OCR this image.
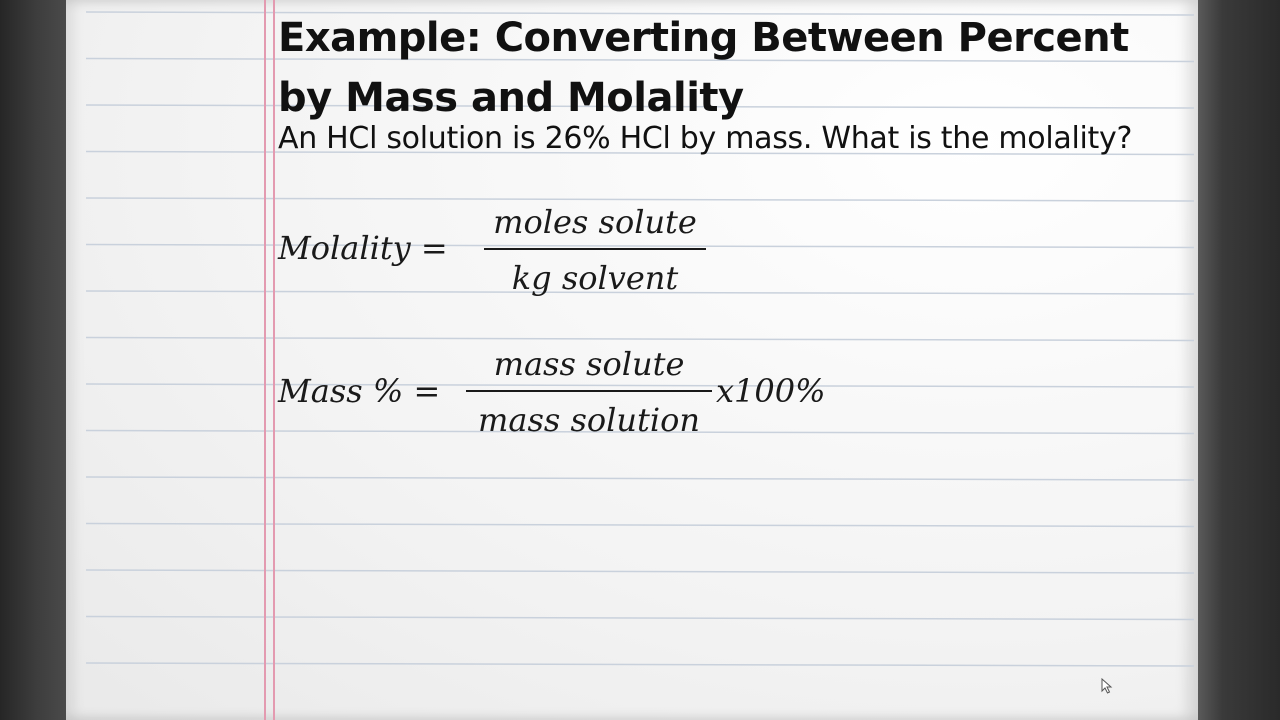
Example: Converting Between Percent by Mass and Molality
An HCl solution is 26% HCl by mass. What is the molality?
Molality =
moles solute
kg solvent
Mass % =
mass solute
mass solution
x100%
